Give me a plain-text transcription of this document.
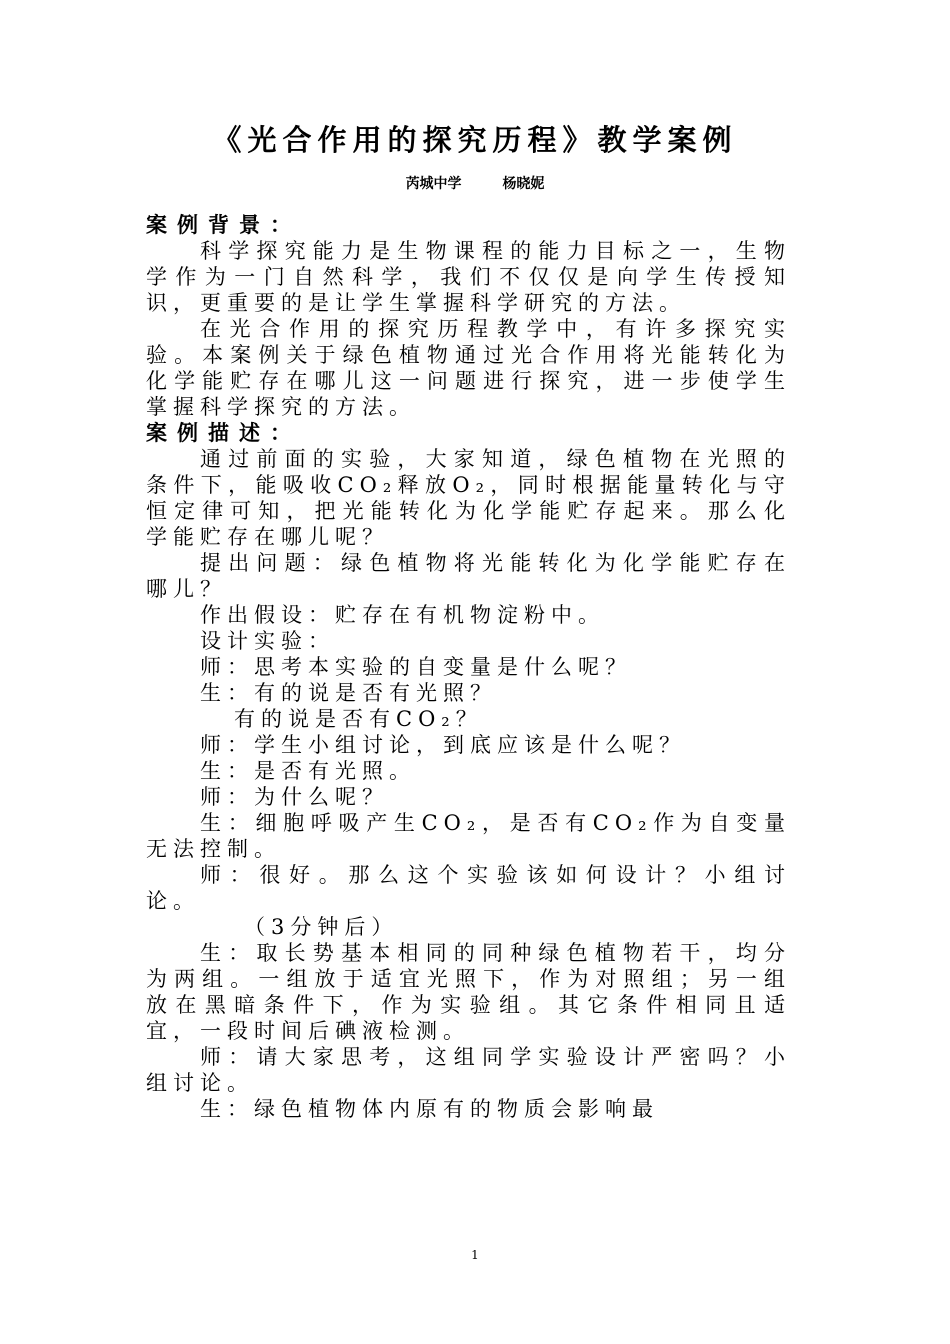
《光合作用的探究历程》教学案例
芮城中学	杨晓妮

案例背景：

科学探究能力是生物课程的能力目标之一，生物学作为一门自然科学，我们不仅仅是向学生传授知识，更重要的是让学生掌握科学研究的方法。

在光合作用的探究历程教学中，有许多探究实验。本案例关于绿色植物通过光合作用将光能转化为化学能贮存在哪儿这一问题进行探究，进一步使学生掌握科学探究的方法。

案例描述：

通过前面的实验，大家知道，绿色植物在光照的条件下，能吸收CO₂释放O₂，同时根据能量转化与守恒定律可知，把光能转化为化学能贮存起来。那么化学能贮存在哪儿呢？

提出问题：绿色植物将光能转化为化学能贮存在哪儿？

作出假设：贮存在有机物淀粉中。

设计实验：

师：思考本实验的自变量是什么呢？

生：有的说是否有光照？

有的说是否有CO₂？

师：学生小组讨论，到底应该是什么呢？

生：是否有光照。

师：为什么呢？

生：细胞呼吸产生CO₂，是否有CO₂作为自变量无法控制。

师：很好。那么这个实验该如何设计？小组讨论。

（3分钟后）

生：取长势基本相同的同种绿色植物若干，均分为两组。一组放于适宜光照下，作为对照组；另一组放在黑暗条件下，作为实验组。其它条件相同且适宜，一段时间后碘液检测。

师：请大家思考，这组同学实验设计严密吗？小组讨论。

生：绿色植物体内原有的物质会影响最

1
